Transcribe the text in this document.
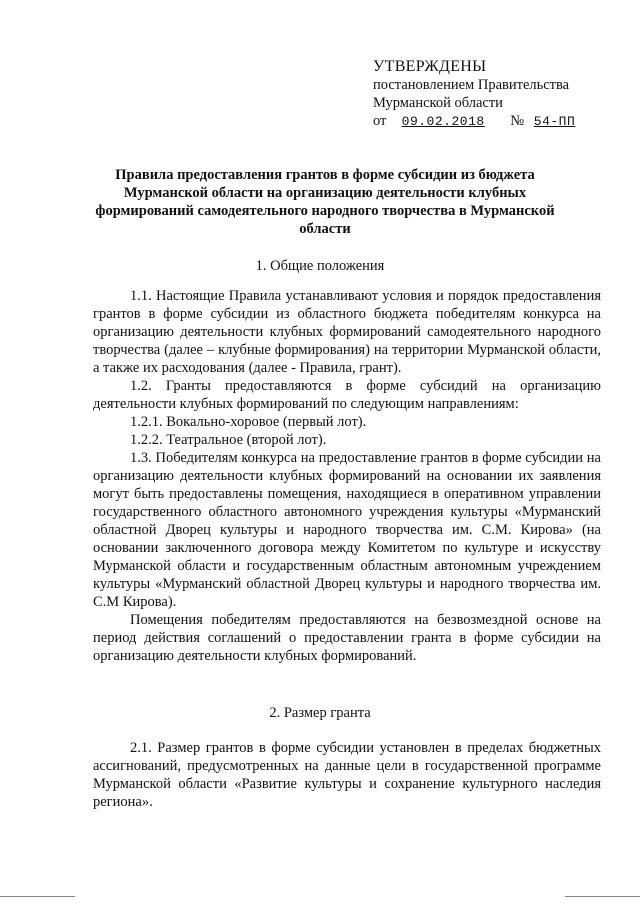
УТВЕРЖДЕНЫ
постановлением Правительства
Мурманской области
от 09.02.2018 № 54-ПП
Правила предоставления грантов в форме субсидии из бюджета Мурманской области на организацию деятельности клубных формирований самодеятельного народного творчества в Мурманской области
1. Общие положения

1.1. Настоящие Правила устанавливают условия и порядок предоставления грантов в форме субсидии из областного бюджета победителям конкурса на организацию деятельности клубных формирований самодеятельного народного творчества (далее – клубные формирования) на территории Мурманской области, а также их расходования (далее - Правила, грант).

1.2. Гранты предоставляются в форме субсидий на организацию деятельности клубных формирований по следующим направлениям:

1.2.1. Вокально-хоровое (первый лот).

1.2.2. Театральное (второй лот).

1.3. Победителям конкурса на предоставление грантов в форме субсидии на организацию деятельности клубных формирований на основании их заявления могут быть предоставлены помещения, находящиеся в оперативном управлении государственного областного автономного учреждения культуры «Мурманский областной Дворец культуры и народного творчества им. С.М. Кирова» (на основании заключенного договора между Комитетом по культуре и искусству Мурманской области и государственным областным автономным учреждением культуры «Мурманский областной Дворец культуры и народного творчества им. С.М Кирова).

Помещения победителям предоставляются на безвозмездной основе на период действия соглашений о предоставлении гранта в форме субсидии на организацию деятельности клубных формирований.

2. Размер гранта

2.1. Размер грантов в форме субсидии установлен в пределах бюджетных ассигнований, предусмотренных на данные цели в государственной программе Мурманской области «Развитие культуры и сохранение культурного наследия региона».
